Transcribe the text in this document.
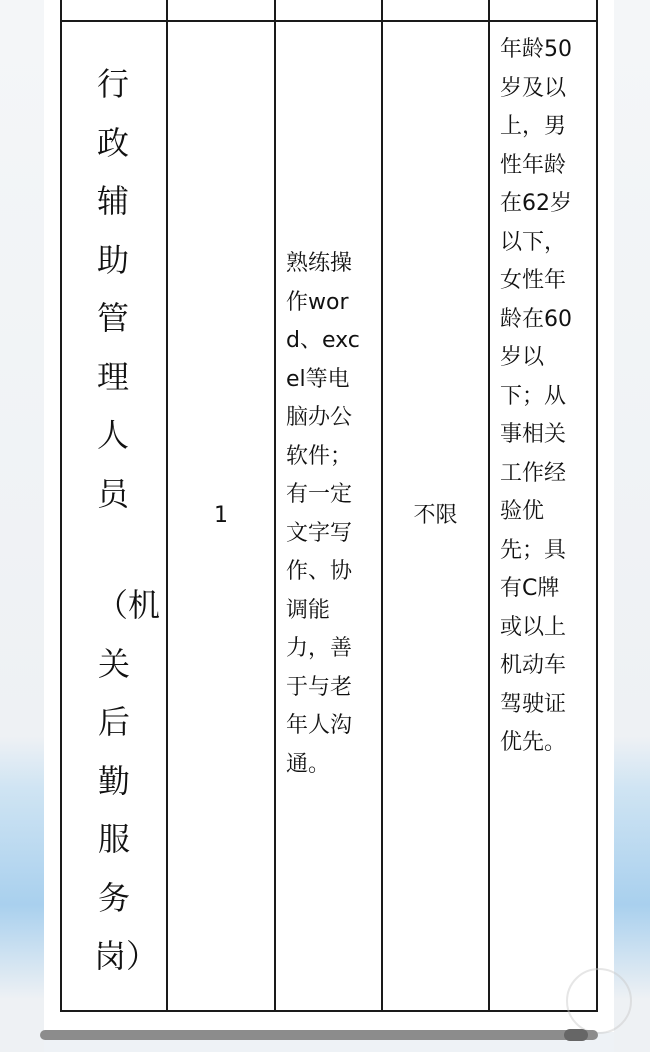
行
政
辅
助
管
理
人
员
（机
关
后
勤
服
务
岗）
1
熟练操
作wor
d、exc
el等电
脑办公
软件；
有一定
文字写
作、协
调能
力，善
于与老
年人沟
通。
不限
年龄50
岁及以
上，男
性年龄
在62岁
以下，
女性年
龄在60
岁以
下；从
事相关
工作经
验优
先；具
有C牌
或以上
机动车
驾驶证
优先。
